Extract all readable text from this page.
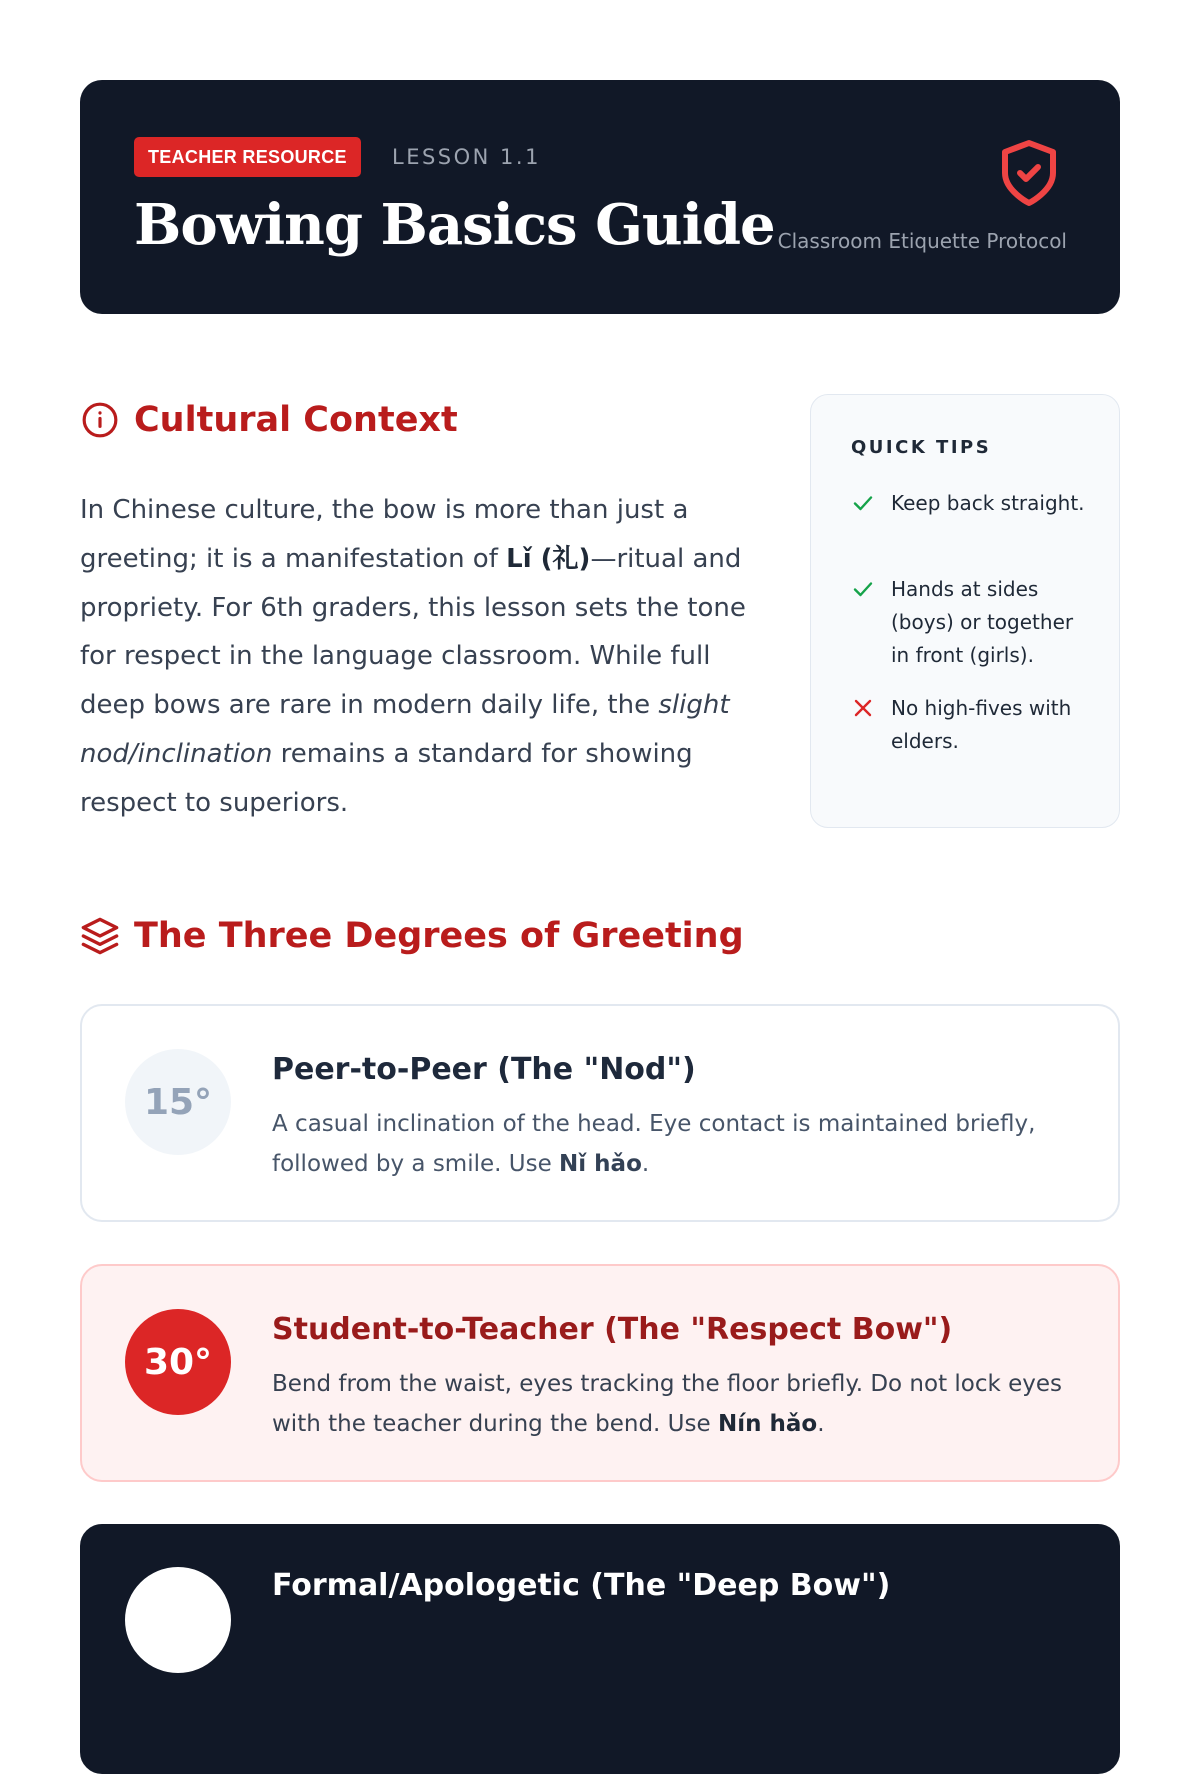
TEACHER RESOURCE	LESSON 1.1
Bowing Basics Guide Classroom Etiquette Protocol
Cultural Context

In Chinese culture, the bow is more than just a greeting; it is a manifestation of Lǐ (礼)—ritual and propriety. For 6th graders, this lesson sets the tone for respect in the language classroom. While full deep bows are rare in modern daily life, the slight nod/inclination remains a standard for showing respect to superiors.

QUICK TIPS
Keep back straight.
Hands at sides (boys) or together in front (girls).
No high-fives with elders.
The Three Degrees of Greeting
15°
Peer-to-Peer (The "Nod")

A casual inclination of the head. Eye contact is maintained briefly, followed by a smile. Use Nǐ hǎo.

30°
Student-to-Teacher (The "Respect Bow")

Bend from the waist, eyes tracking the floor briefly. Do not lock eyes with the teacher during the bend. Use Nín hǎo.

Formal/Apologetic (The "Deep Bow")
